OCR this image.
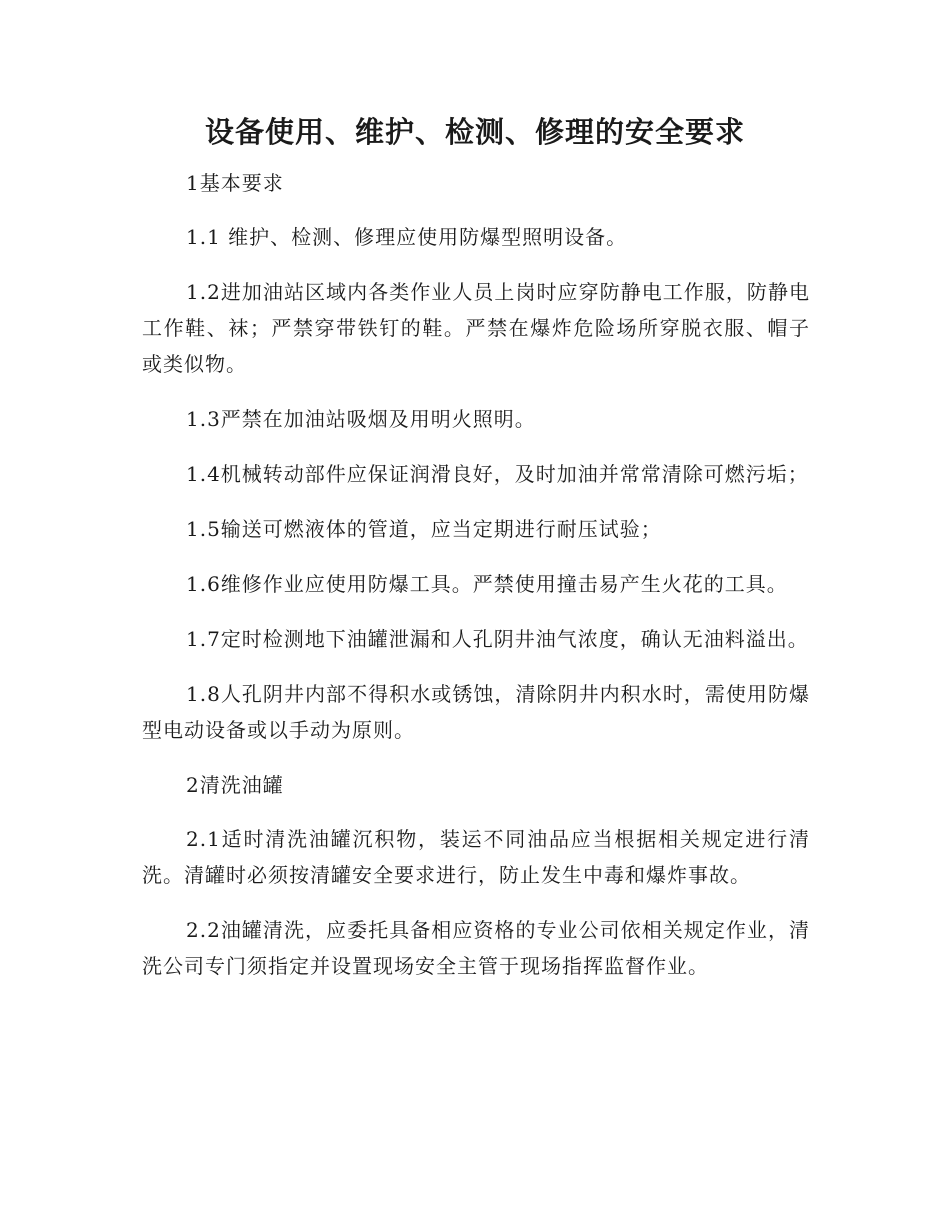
设备使用、维护、检测、修理的安全要求

1基本要求

1.1 维护、检测、修理应使用防爆型照明设备。

1.2进加油站区域内各类作业人员上岗时应穿防静电工作服，防静电工作鞋、袜；严禁穿带铁钉的鞋。严禁在爆炸危险场所穿脱衣服、帽子或类似物。

1.3严禁在加油站吸烟及用明火照明。

1.4机械转动部件应保证润滑良好，及时加油并常常清除可燃污垢；

1.5输送可燃液体的管道，应当定期进行耐压试验；

1.6维修作业应使用防爆工具。严禁使用撞击易产生火花的工具。

1.7定时检测地下油罐泄漏和人孔阴井油气浓度，确认无油料溢出。

1.8人孔阴井内部不得积水或锈蚀，清除阴井内积水时，需使用防爆型电动设备或以手动为原则。

2清洗油罐

2.1适时清洗油罐沉积物，装运不同油品应当根据相关规定进行清洗。清罐时必须按清罐安全要求进行，防止发生中毒和爆炸事故。

2.2油罐清洗，应委托具备相应资格的专业公司依相关规定作业，清洗公司专门须指定并设置现场安全主管于现场指挥监督作业。
